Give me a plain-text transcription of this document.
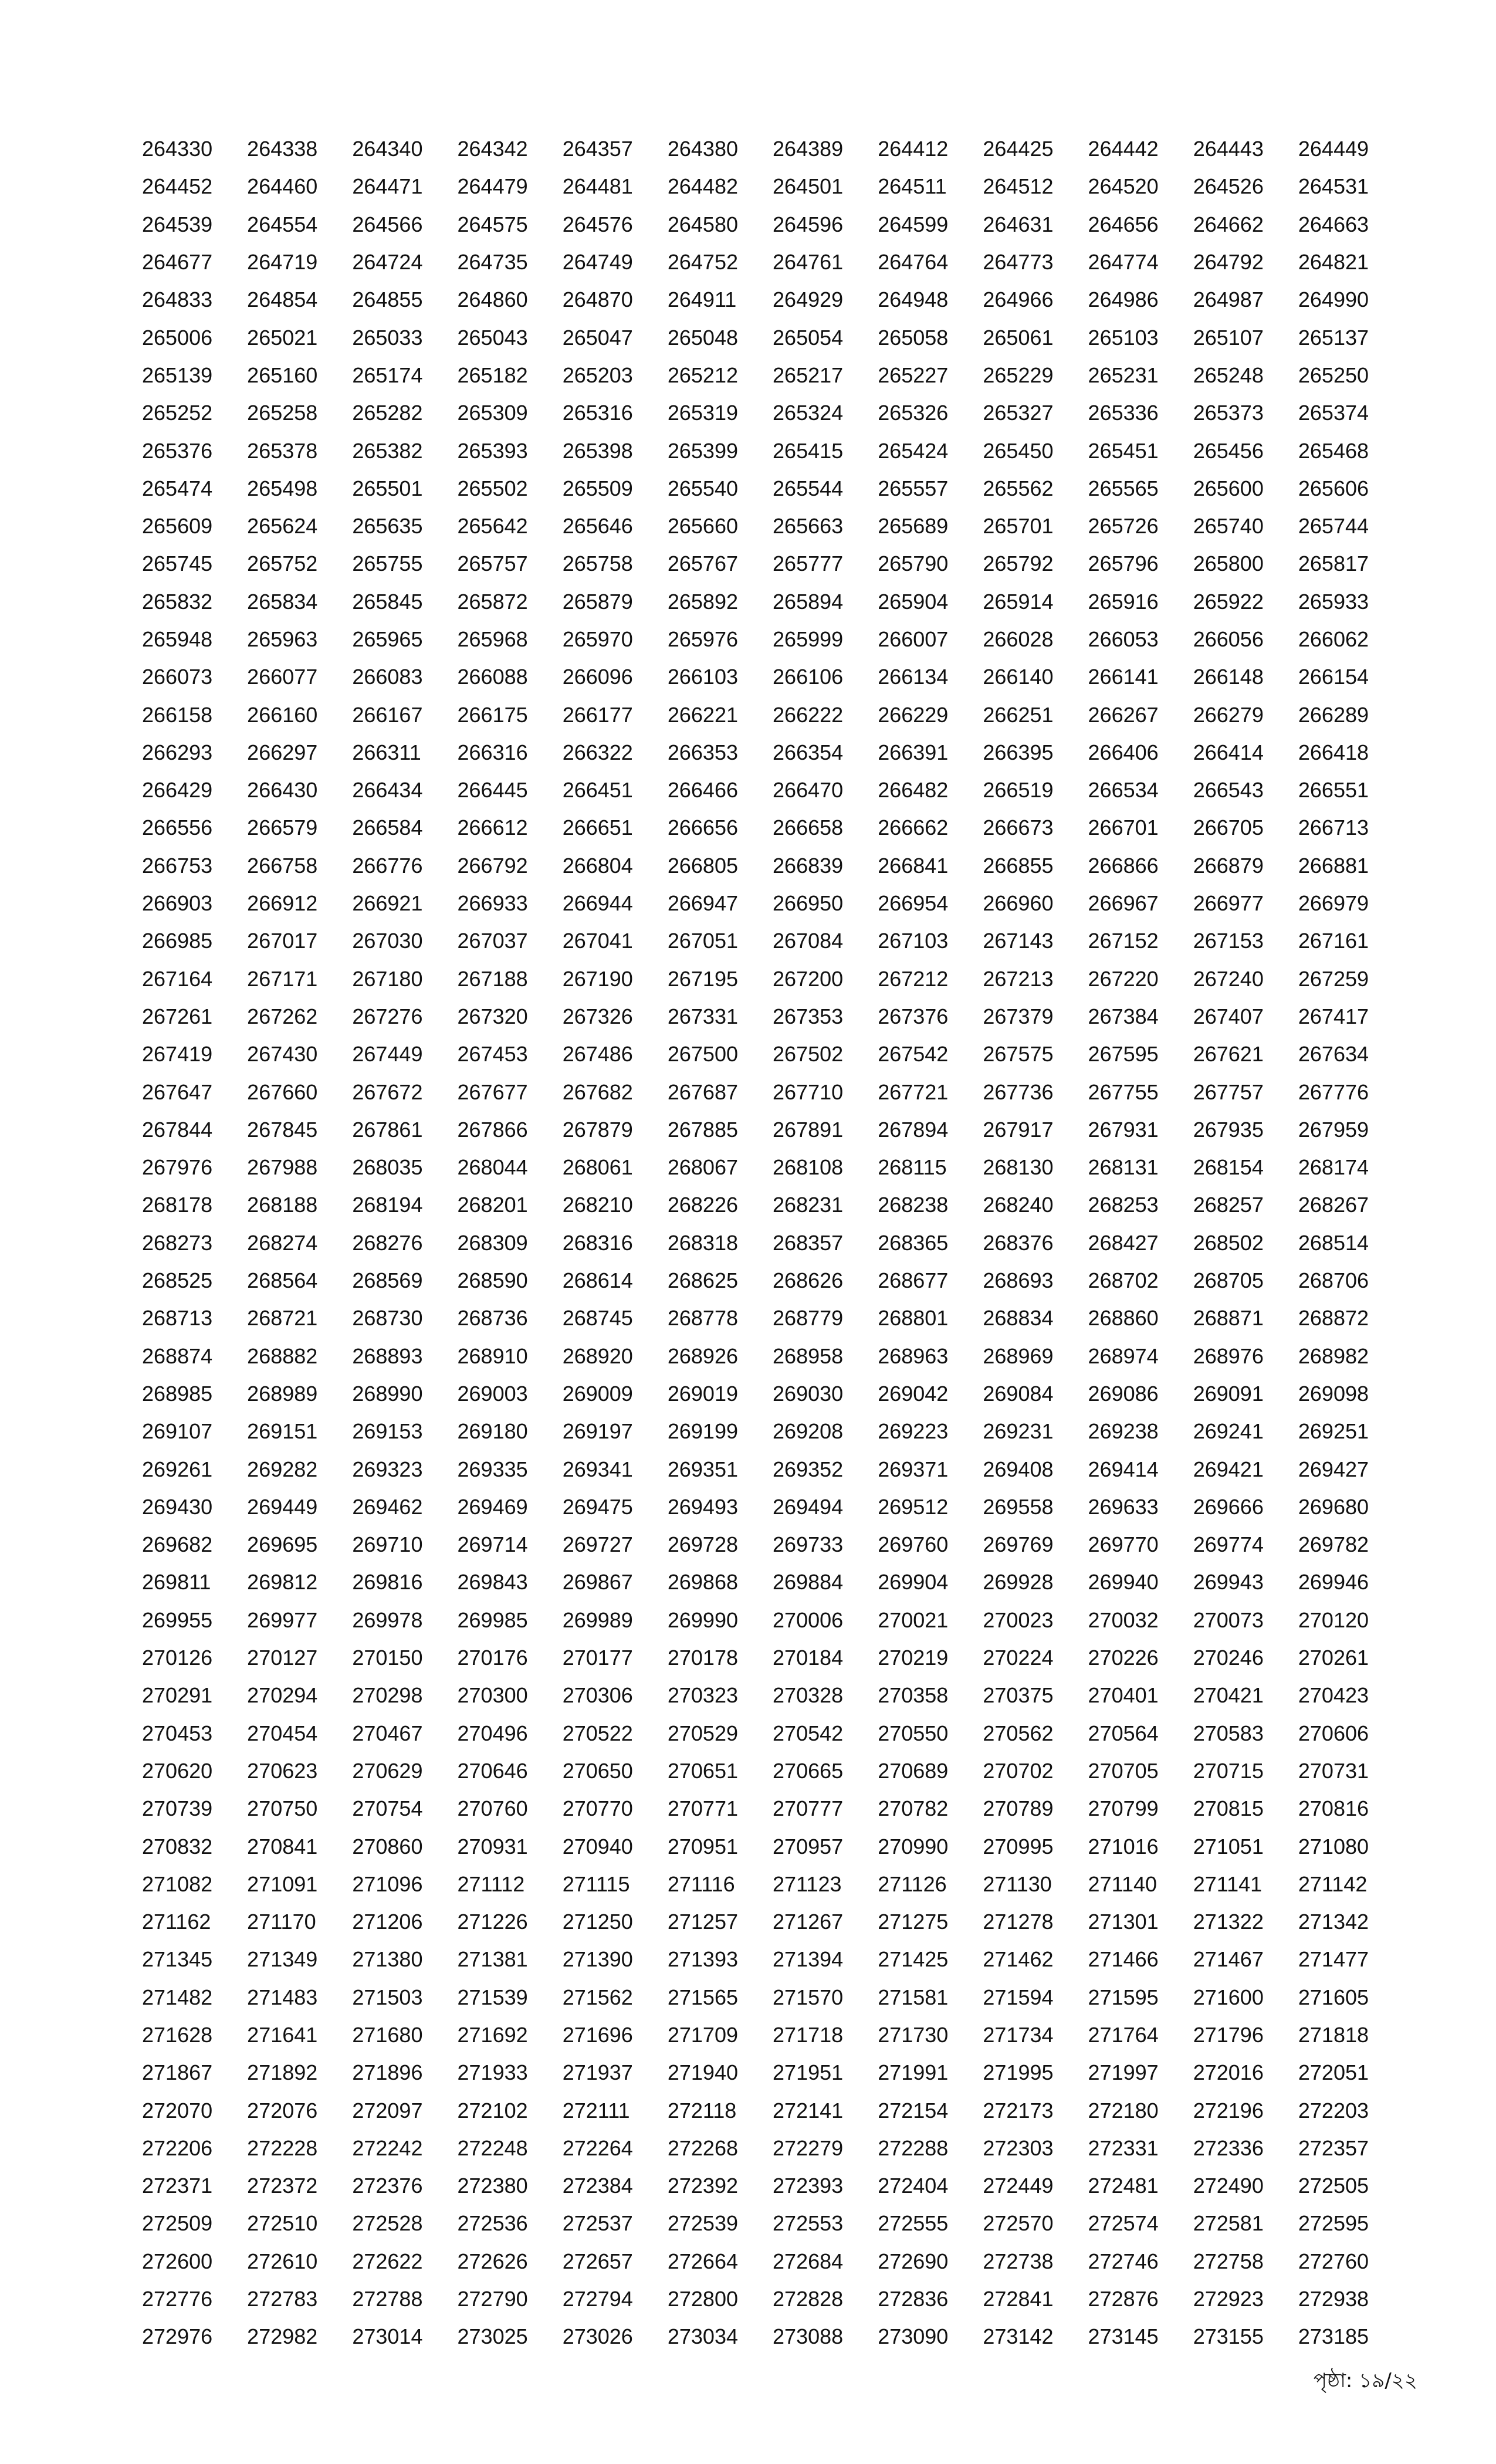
264330	264338	264340	264342	264357	264380	264389	264412	264425	264442	264443	264449
264452	264460	264471	264479	264481	264482	264501	264511	264512	264520	264526	264531
264539	264554	264566	264575	264576	264580	264596	264599	264631	264656	264662	264663
264677	264719	264724	264735	264749	264752	264761	264764	264773	264774	264792	264821
264833	264854	264855	264860	264870	264911	264929	264948	264966	264986	264987	264990
265006	265021	265033	265043	265047	265048	265054	265058	265061	265103	265107	265137
265139	265160	265174	265182	265203	265212	265217	265227	265229	265231	265248	265250
265252	265258	265282	265309	265316	265319	265324	265326	265327	265336	265373	265374
265376	265378	265382	265393	265398	265399	265415	265424	265450	265451	265456	265468
265474	265498	265501	265502	265509	265540	265544	265557	265562	265565	265600	265606
265609	265624	265635	265642	265646	265660	265663	265689	265701	265726	265740	265744
265745	265752	265755	265757	265758	265767	265777	265790	265792	265796	265800	265817
265832	265834	265845	265872	265879	265892	265894	265904	265914	265916	265922	265933
265948	265963	265965	265968	265970	265976	265999	266007	266028	266053	266056	266062
266073	266077	266083	266088	266096	266103	266106	266134	266140	266141	266148	266154
266158	266160	266167	266175	266177	266221	266222	266229	266251	266267	266279	266289
266293	266297	266311	266316	266322	266353	266354	266391	266395	266406	266414	266418
266429	266430	266434	266445	266451	266466	266470	266482	266519	266534	266543	266551
266556	266579	266584	266612	266651	266656	266658	266662	266673	266701	266705	266713
266753	266758	266776	266792	266804	266805	266839	266841	266855	266866	266879	266881
266903	266912	266921	266933	266944	266947	266950	266954	266960	266967	266977	266979
266985	267017	267030	267037	267041	267051	267084	267103	267143	267152	267153	267161
267164	267171	267180	267188	267190	267195	267200	267212	267213	267220	267240	267259
267261	267262	267276	267320	267326	267331	267353	267376	267379	267384	267407	267417
267419	267430	267449	267453	267486	267500	267502	267542	267575	267595	267621	267634
267647	267660	267672	267677	267682	267687	267710	267721	267736	267755	267757	267776
267844	267845	267861	267866	267879	267885	267891	267894	267917	267931	267935	267959
267976	267988	268035	268044	268061	268067	268108	268115	268130	268131	268154	268174
268178	268188	268194	268201	268210	268226	268231	268238	268240	268253	268257	268267
268273	268274	268276	268309	268316	268318	268357	268365	268376	268427	268502	268514
268525	268564	268569	268590	268614	268625	268626	268677	268693	268702	268705	268706
268713	268721	268730	268736	268745	268778	268779	268801	268834	268860	268871	268872
268874	268882	268893	268910	268920	268926	268958	268963	268969	268974	268976	268982
268985	268989	268990	269003	269009	269019	269030	269042	269084	269086	269091	269098
269107	269151	269153	269180	269197	269199	269208	269223	269231	269238	269241	269251
269261	269282	269323	269335	269341	269351	269352	269371	269408	269414	269421	269427
269430	269449	269462	269469	269475	269493	269494	269512	269558	269633	269666	269680
269682	269695	269710	269714	269727	269728	269733	269760	269769	269770	269774	269782
269811	269812	269816	269843	269867	269868	269884	269904	269928	269940	269943	269946
269955	269977	269978	269985	269989	269990	270006	270021	270023	270032	270073	270120
270126	270127	270150	270176	270177	270178	270184	270219	270224	270226	270246	270261
270291	270294	270298	270300	270306	270323	270328	270358	270375	270401	270421	270423
270453	270454	270467	270496	270522	270529	270542	270550	270562	270564	270583	270606
270620	270623	270629	270646	270650	270651	270665	270689	270702	270705	270715	270731
270739	270750	270754	270760	270770	270771	270777	270782	270789	270799	270815	270816
270832	270841	270860	270931	270940	270951	270957	270990	270995	271016	271051	271080
271082	271091	271096	271112	271115	271116	271123	271126	271130	271140	271141	271142
271162	271170	271206	271226	271250	271257	271267	271275	271278	271301	271322	271342
271345	271349	271380	271381	271390	271393	271394	271425	271462	271466	271467	271477
271482	271483	271503	271539	271562	271565	271570	271581	271594	271595	271600	271605
271628	271641	271680	271692	271696	271709	271718	271730	271734	271764	271796	271818
271867	271892	271896	271933	271937	271940	271951	271991	271995	271997	272016	272051
272070	272076	272097	272102	272111	272118	272141	272154	272173	272180	272196	272203
272206	272228	272242	272248	272264	272268	272279	272288	272303	272331	272336	272357
272371	272372	272376	272380	272384	272392	272393	272404	272449	272481	272490	272505
272509	272510	272528	272536	272537	272539	272553	272555	272570	272574	272581	272595
272600	272610	272622	272626	272657	272664	272684	272690	272738	272746	272758	272760
272776	272783	272788	272790	272794	272800	272828	272836	272841	272876	272923	272938
272976	272982	273014	273025	273026	273034	273088	273090	273142	273145	273155	273185
পৃষ্ঠা: ১৯/২২
